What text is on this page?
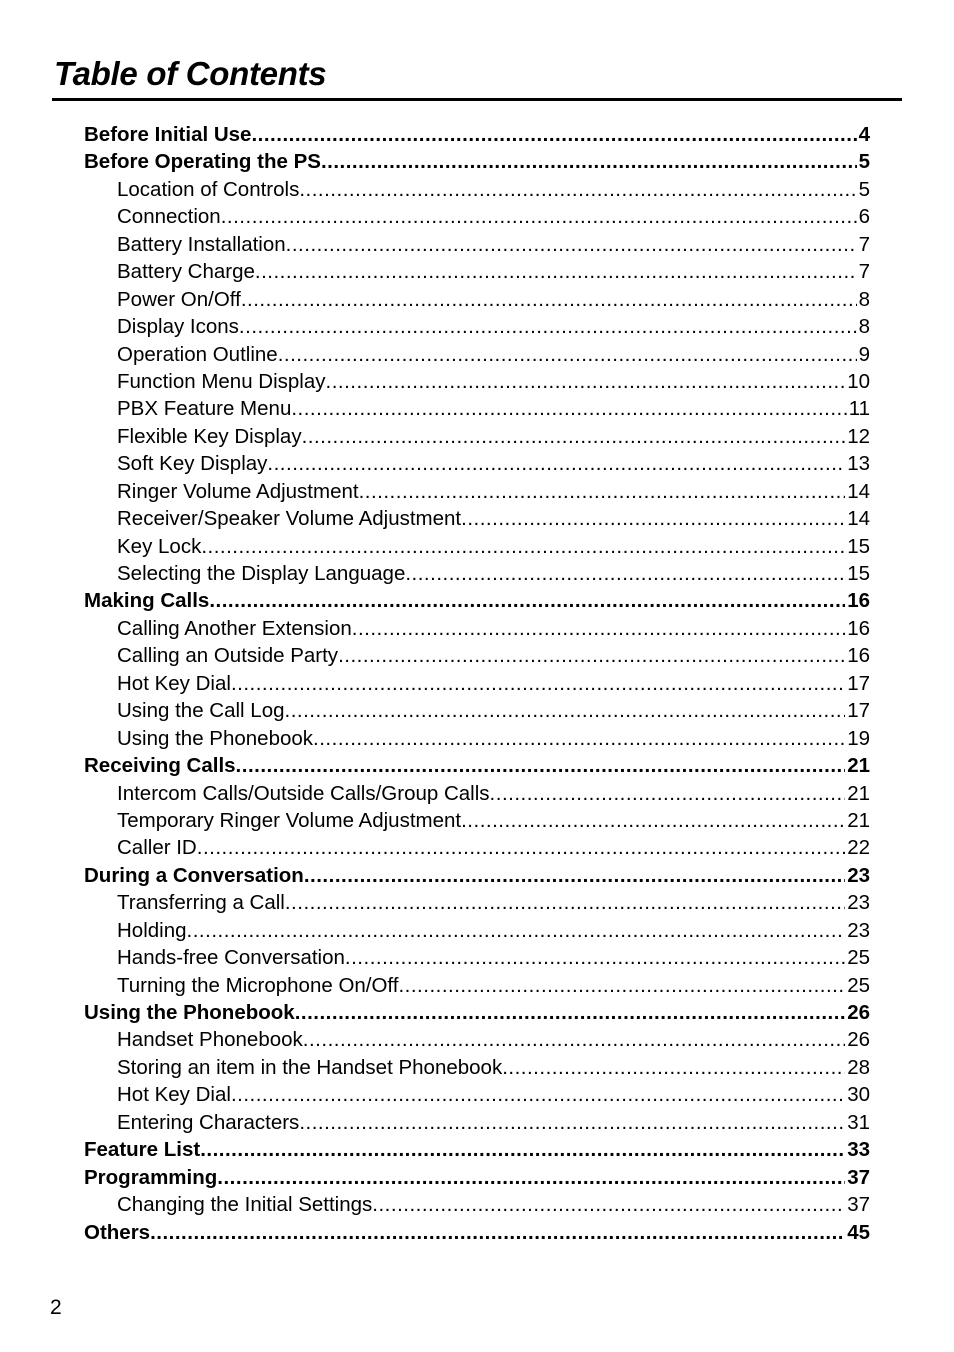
Table of Contents
Before Initial Use .....	4
Before Operating the PS .....	5
Location of Controls .....	5
Connection .....	6
Battery Installation .....	7
Battery Charge .....	7
Power On/Off .....	8
Display Icons .....	8
Operation Outline .....	9
Function Menu Display .....	10
PBX Feature Menu .....	11
Flexible Key Display .....	12
Soft Key Display .....	13
Ringer Volume Adjustment .....	14
Receiver/Speaker Volume Adjustment .....	14
Key Lock .....	15
Selecting the Display Language .....	15
Making Calls .....	16
Calling Another Extension .....	16
Calling an Outside Party .....	16
Hot Key Dial .....	17
Using the Call Log .....	17
Using the Phonebook .....	19
Receiving Calls .....	21
Intercom Calls/Outside Calls/Group Calls .....	21
Temporary Ringer Volume Adjustment .....	21
Caller ID .....	22
During a Conversation .....	23
Transferring a Call .....	23
Holding .....	23
Hands-free Conversation .....	25
Turning the Microphone On/Off .....	25
Using the Phonebook .....	26
Handset Phonebook .....	26
Storing an item in the Handset Phonebook .....	28
Hot Key Dial .....	30
Entering Characters .....	31
Feature List .....	33
Programming .....	37
Changing the Initial Settings .....	37
Others .....	45
2
